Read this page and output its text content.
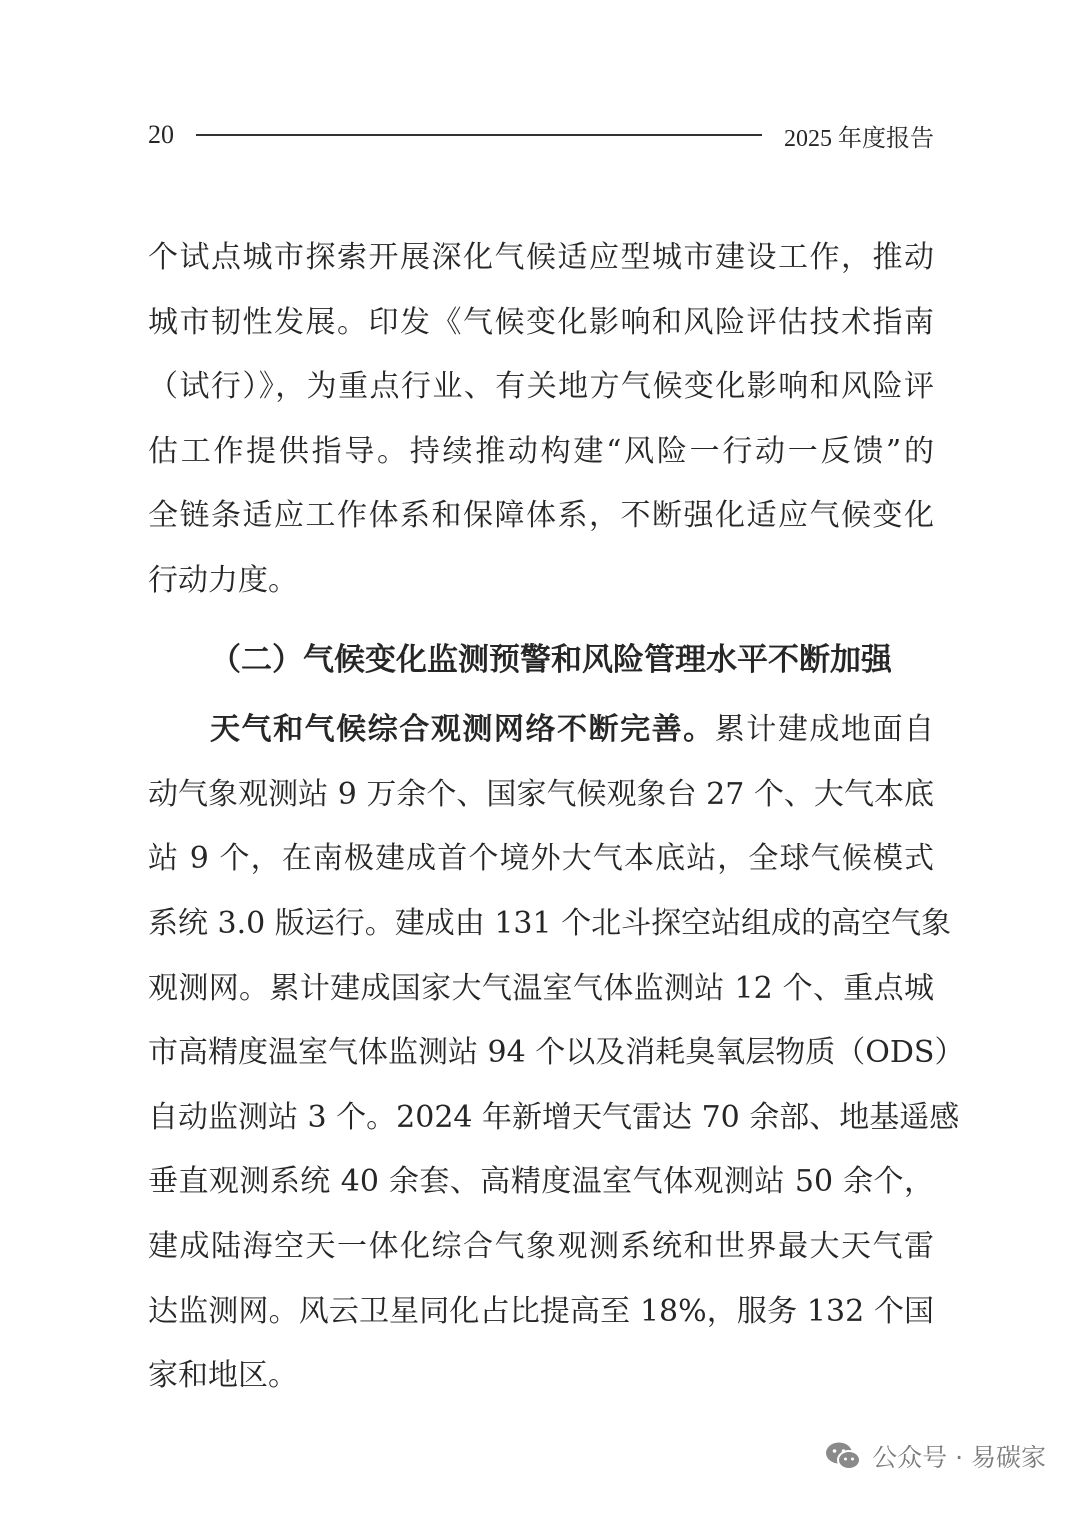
20	2025 年度报告
个试点城市探索开展深化气候适应型城市建设工作，推动
城市韧性发展。印发《气候变化影响和风险评估技术指南
（试行）》，为重点行业、有关地方气候变化影响和风险评
估工作提供指导。持续推动构建“风险一行动一反馈”的
全链条适应工作体系和保障体系，不断强化适应气候变化
行动力度。
（二）气候变化监测预警和风险管理水平不断加强
天气和气候综合观测网络不断完善。累计建成地面自
动气象观测站 9 万余个、国家气候观象台 27 个、大气本底
站 9 个，在南极建成首个境外大气本底站，全球气候模式
系统 3.0 版运行。建成由 131 个北斗探空站组成的高空气象
观测网。累计建成国家大气温室气体监测站 12 个、重点城
市高精度温室气体监测站 94 个以及消耗臭氧层物质（ODS）
自动监测站 3 个。2024 年新增天气雷达 70 余部、地基遥感
垂直观测系统 40 余套、高精度温室气体观测站 50 余个，
建成陆海空天一体化综合气象观测系统和世界最大天气雷
达监测网。风云卫星同化占比提高至 18%，服务 132 个国
家和地区。
公众号 · 易碳家
